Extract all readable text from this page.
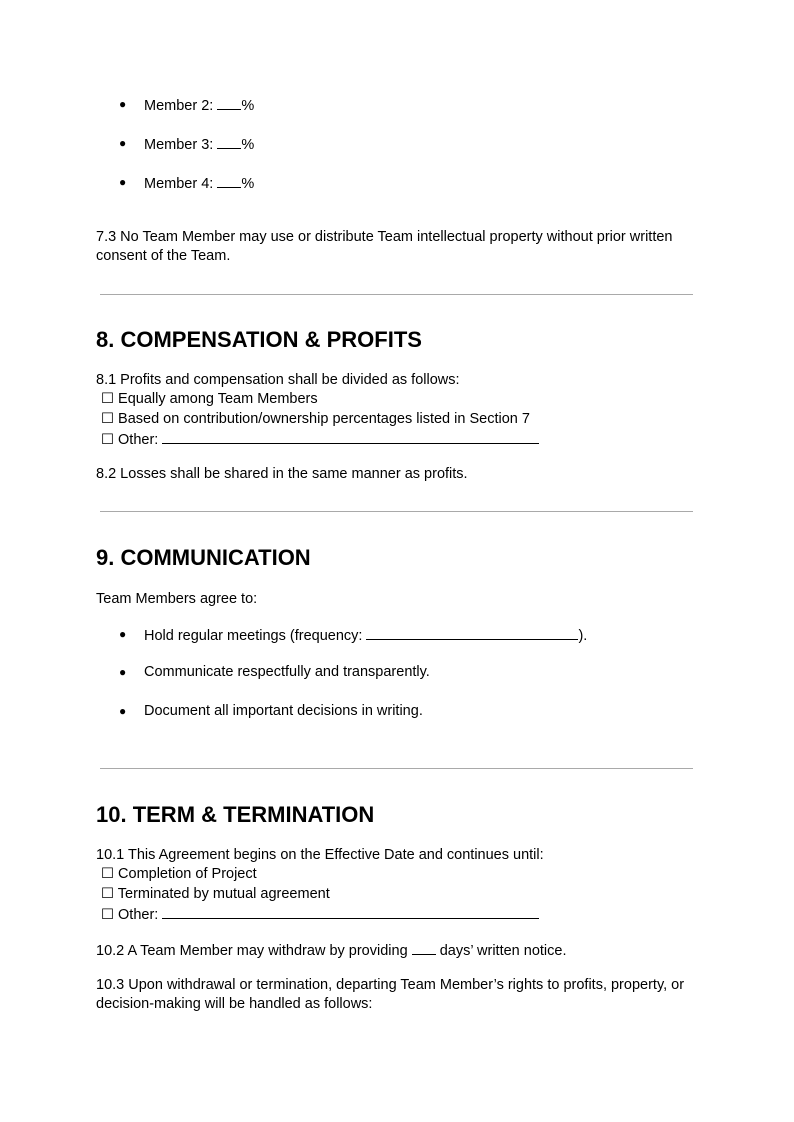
● Member 2: %
● Member 3: %
● Member 4: %
7.3 No Team Member may use or distribute Team intellectual property without prior written consent of the Team.
8. COMPENSATION & PROFITS
8.1 Profits and compensation shall be divided as follows:
☐ Equally among Team Members
☐ Based on contribution/ownership percentages listed in Section 7
☐ Other:
8.2 Losses shall be shared in the same manner as profits.
9. COMMUNICATION
Team Members agree to:
● Hold regular meetings (frequency:	).
● Communicate respectfully and transparently.
● Document all important decisions in writing.
10. TERM & TERMINATION
10.1 This Agreement begins on the Effective Date and continues until:
☐ Completion of Project
☐ Terminated by mutual agreement
☐ Other:
10.2 A Team Member may withdraw by providing  days’ written notice.
10.3 Upon withdrawal or termination, departing Team Member’s rights to profits, property, or decision-making will be handled as follows:
